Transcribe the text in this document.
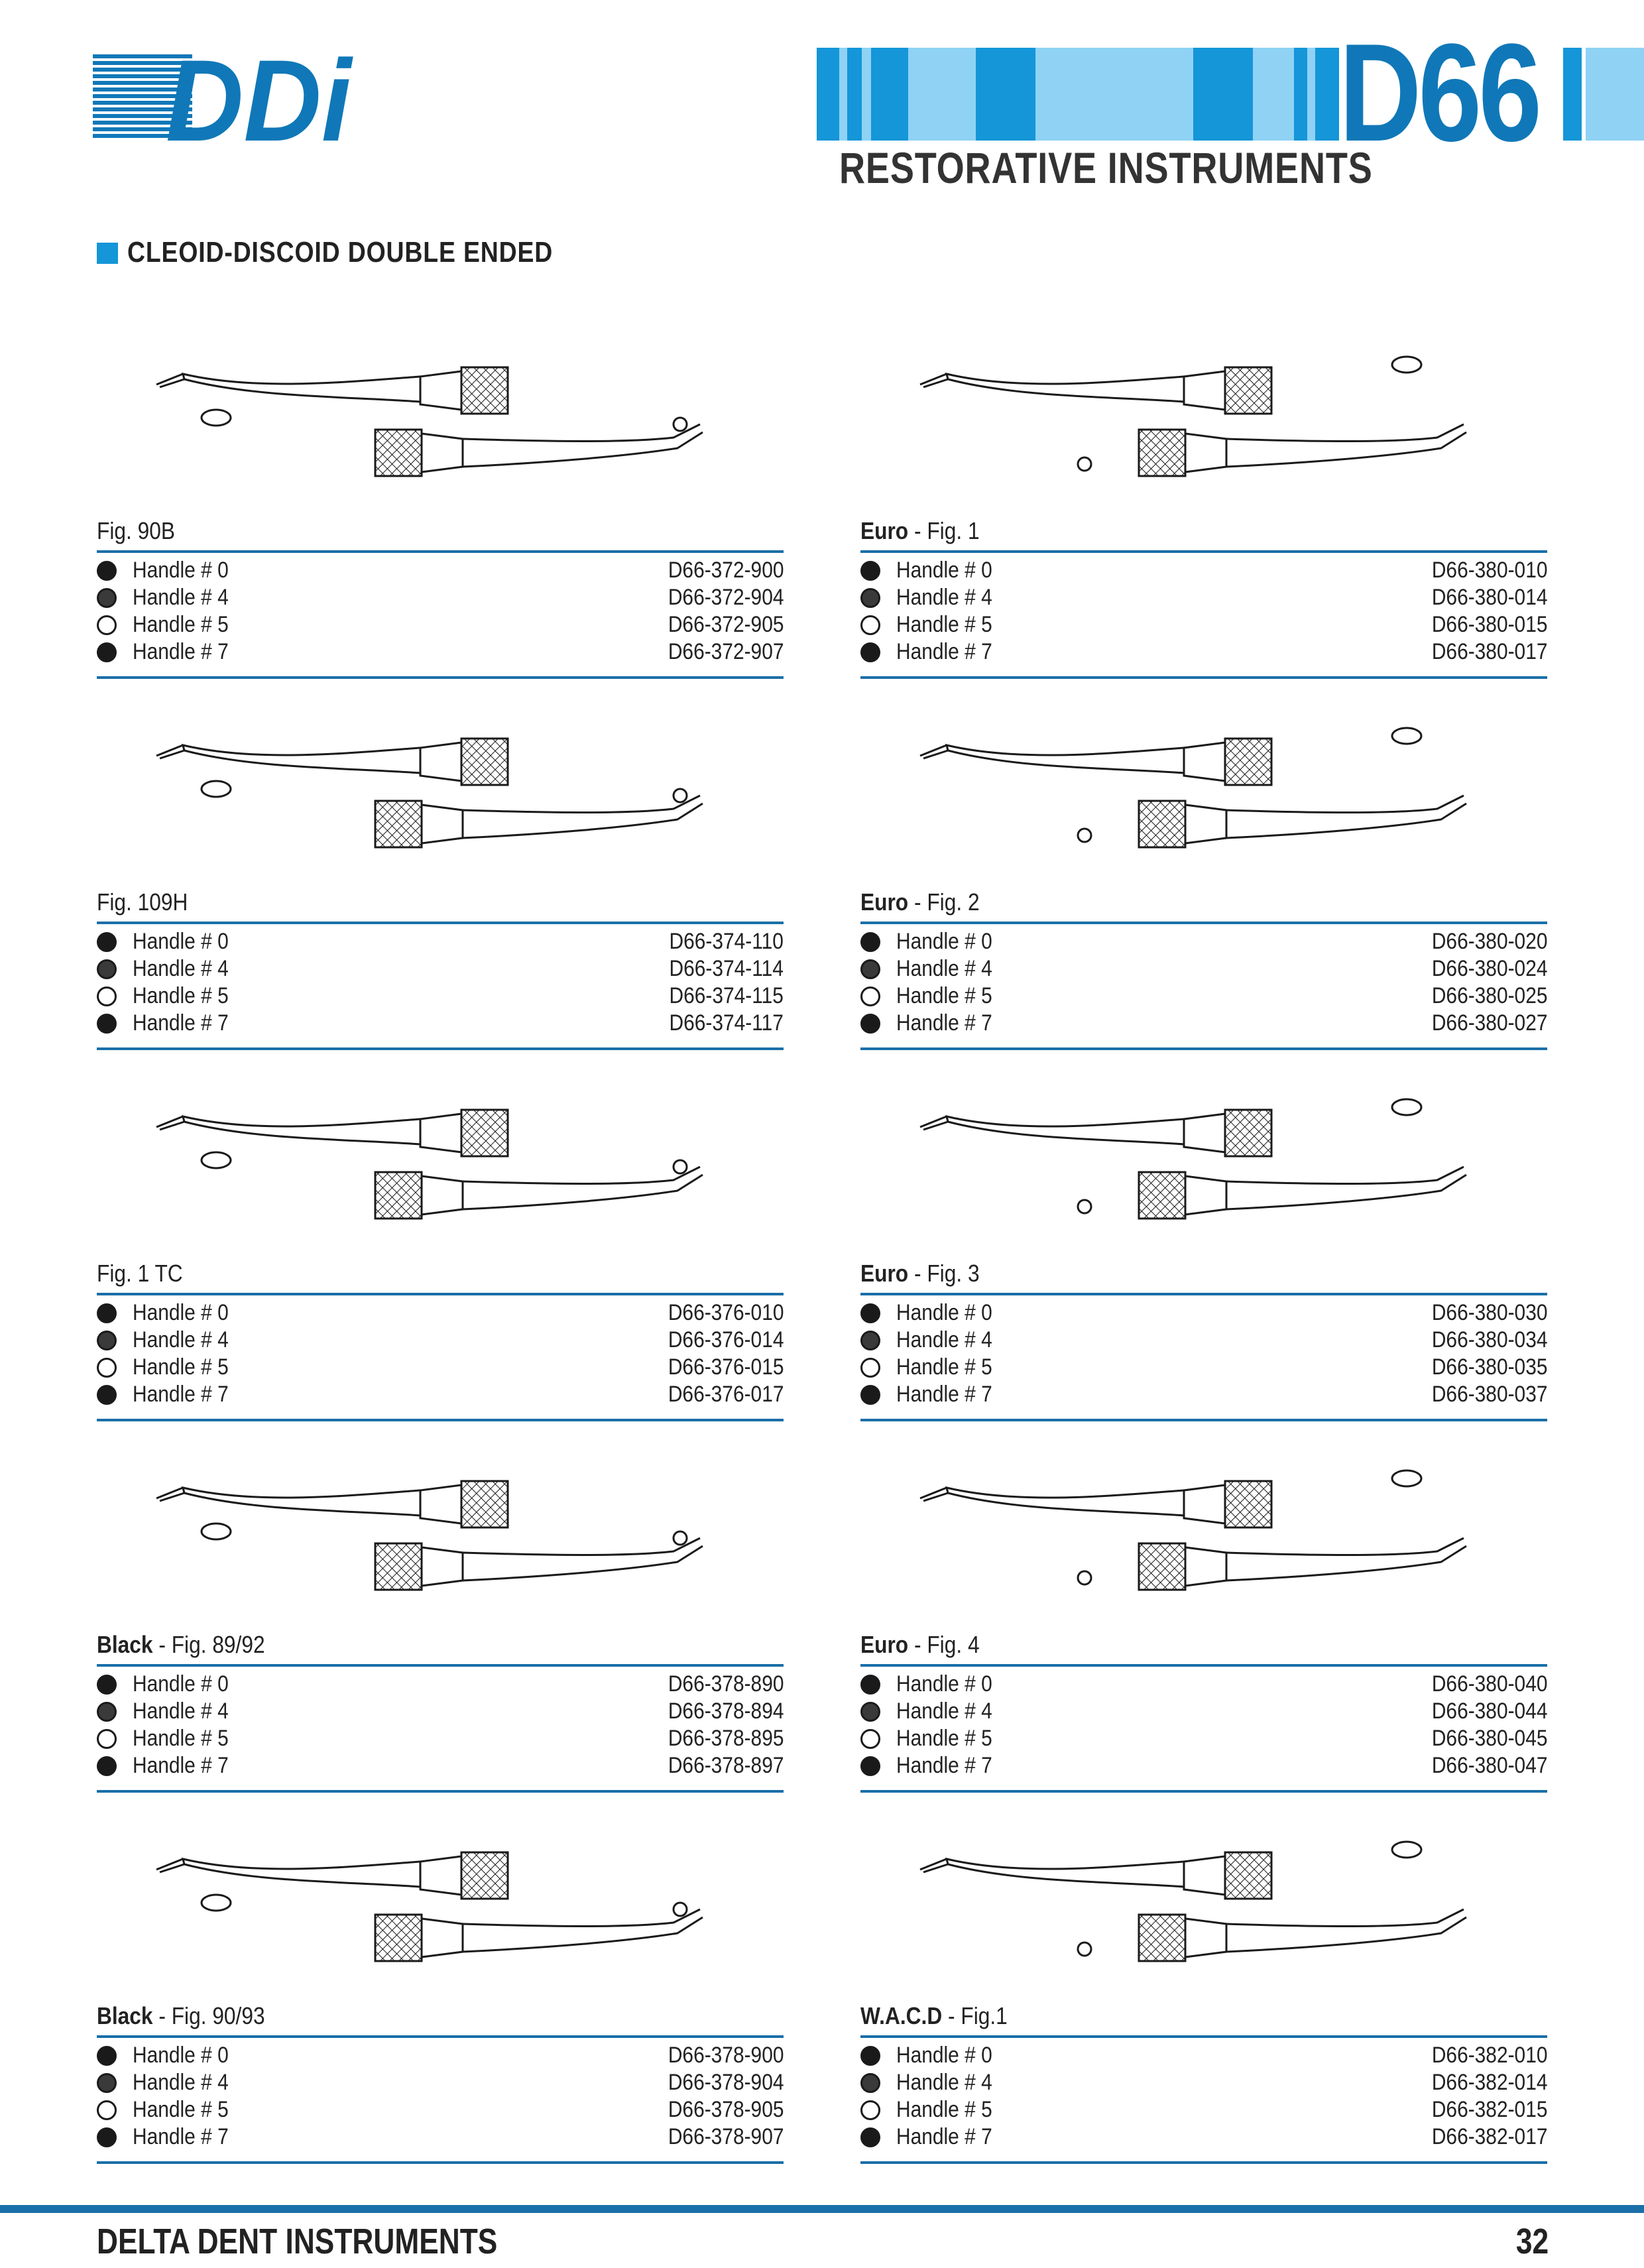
DDi	D66
RESTORATIVE INSTRUMENTS
CLEOID-DISCOID DOUBLE ENDED
Fig. 90B
Handle # 0	D66-372-900
Handle # 4	D66-372-904
Handle # 5	D66-372-905
Handle # 7	D66-372-907
Euro - Fig. 1
Handle # 0	D66-380-010
Handle # 4	D66-380-014
Handle # 5	D66-380-015
Handle # 7	D66-380-017
Fig. 109H
Handle # 0	D66-374-110
Handle # 4	D66-374-114
Handle # 5	D66-374-115
Handle # 7	D66-374-117
Euro - Fig. 2
Handle # 0	D66-380-020
Handle # 4	D66-380-024
Handle # 5	D66-380-025
Handle # 7	D66-380-027
Fig. 1 TC
Handle # 0	D66-376-010
Handle # 4	D66-376-014
Handle # 5	D66-376-015
Handle # 7	D66-376-017
Euro - Fig. 3
Handle # 0	D66-380-030
Handle # 4	D66-380-034
Handle # 5	D66-380-035
Handle # 7	D66-380-037
Black - Fig. 89/92
Handle # 0	D66-378-890
Handle # 4	D66-378-894
Handle # 5	D66-378-895
Handle # 7	D66-378-897
Euro - Fig. 4
Handle # 0	D66-380-040
Handle # 4	D66-380-044
Handle # 5	D66-380-045
Handle # 7	D66-380-047
Black - Fig. 90/93
Handle # 0	D66-378-900
Handle # 4	D66-378-904
Handle # 5	D66-378-905
Handle # 7	D66-378-907
W.A.C.D - Fig.1
Handle # 0	D66-382-010
Handle # 4	D66-382-014
Handle # 5	D66-382-015
Handle # 7	D66-382-017
DELTA DENT INSTRUMENTS	32
